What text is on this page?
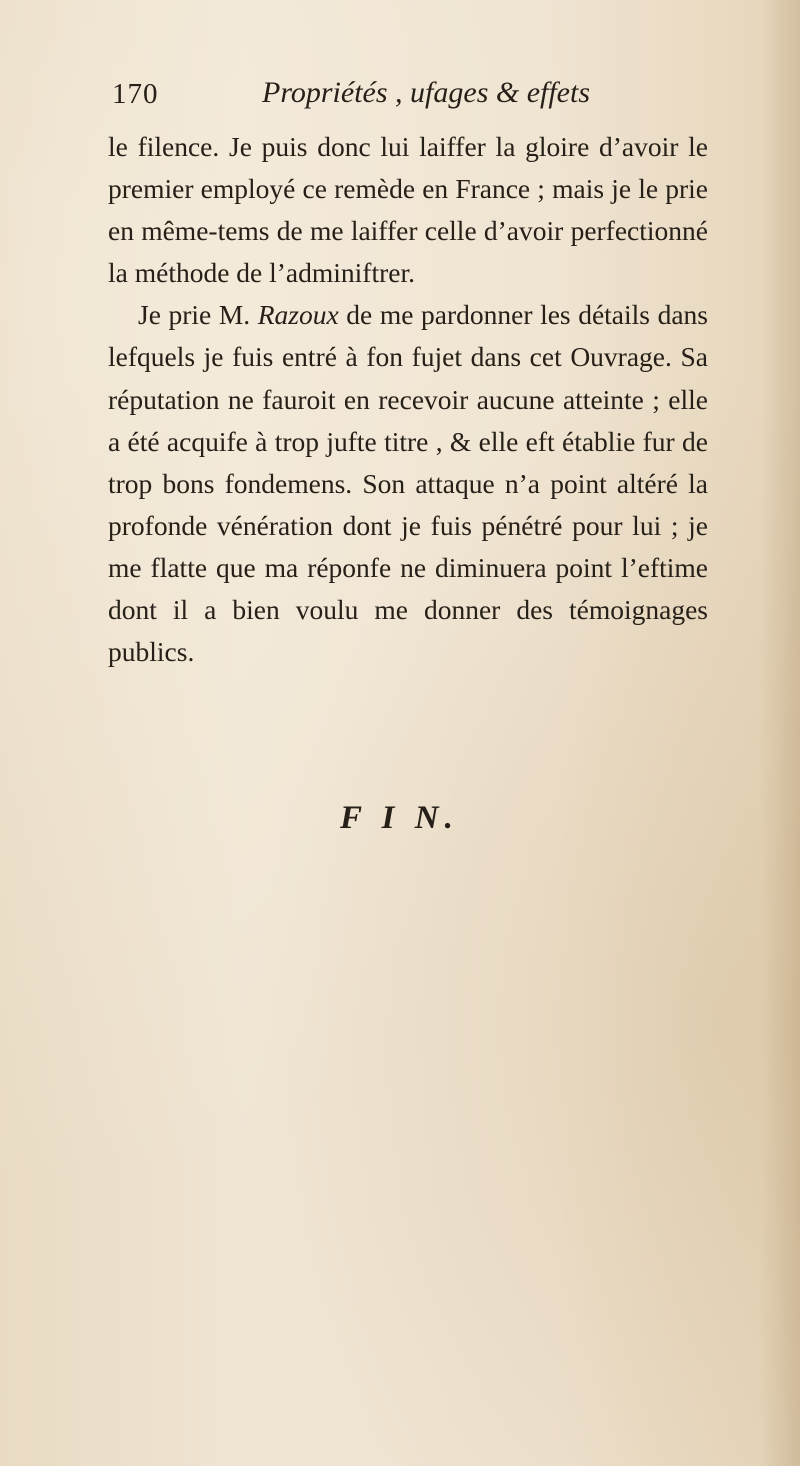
170	Propriétés , ufages & effets

le filence. Je puis donc lui laiffer la gloire d’avoir le premier employé ce remède en France ; mais je le prie en même-tems de me laiffer celle d’avoir perfectionné la méthode de l’adminiftrer.

Je prie M. Razoux de me pardonner les détails dans lefquels je fuis entré à fon fujet dans cet Ouvrage. Sa réputation ne fauroit en recevoir aucune atteinte ; elle a été acquife à trop jufte titre , & elle eft établie fur de trop bons fondemens. Son attaque n’a point altéré la profonde vénération dont je fuis pénétré pour lui ; je me flatte que ma réponfe ne diminuera point l’eftime dont il a bien voulu me donner des témoignages publics.

F I N.
